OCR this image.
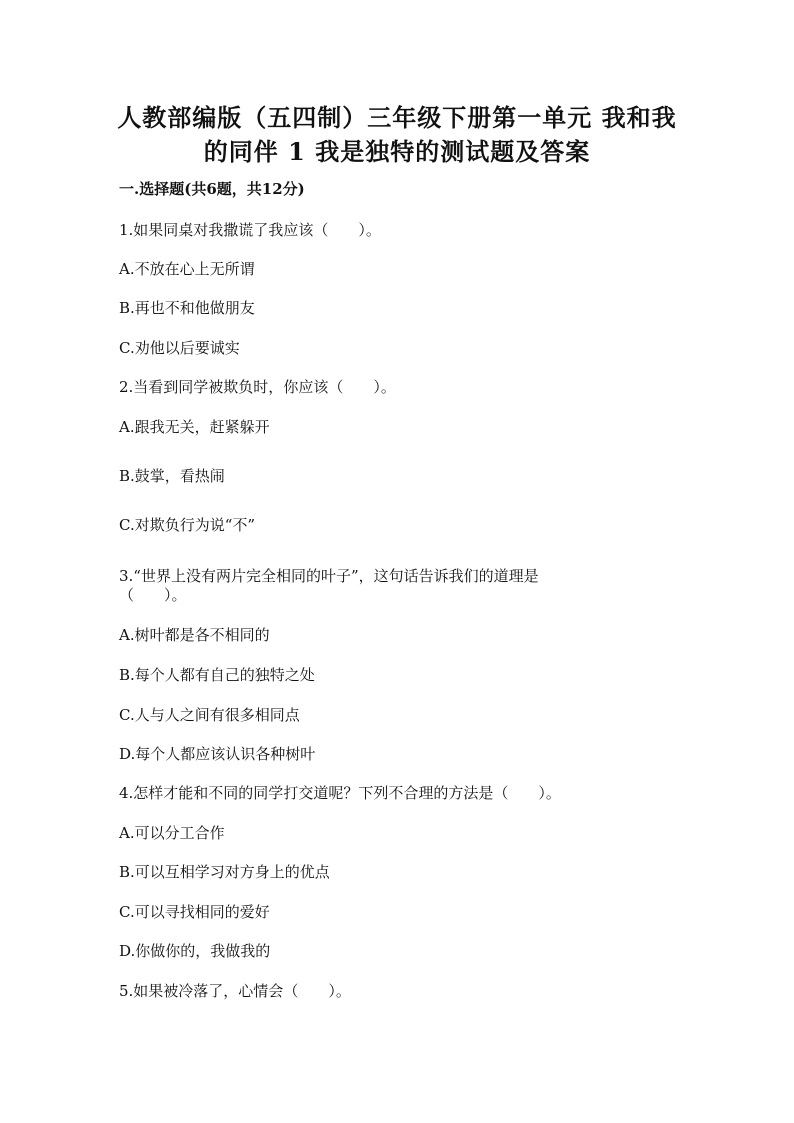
人教部编版（五四制）三年级下册第一单元 我和我
的同伴 1 我是独特的测试题及答案
一.选择题(共6题，共12分)
1.如果同桌对我撒谎了我应该（　　）。
A.不放在心上无所谓
B.再也不和他做朋友
C.劝他以后要诚实
2.当看到同学被欺负时，你应该（　　）。
A.跟我无关，赶紧躲开
B.鼓掌，看热闹
C.对欺负行为说“不”
3.“世界上没有两片完全相同的叶子”，这句话告诉我们的道理是
（　　）。
A.树叶都是各不相同的
B.每个人都有自己的独特之处
C.人与人之间有很多相同点
D.每个人都应该认识各种树叶
4.怎样才能和不同的同学打交道呢？下列不合理的方法是（　　）。
A.可以分工合作
B.可以互相学习对方身上的优点
C.可以寻找相同的爱好
D.你做你的，我做我的
5.如果被冷落了，心情会（　　）。
